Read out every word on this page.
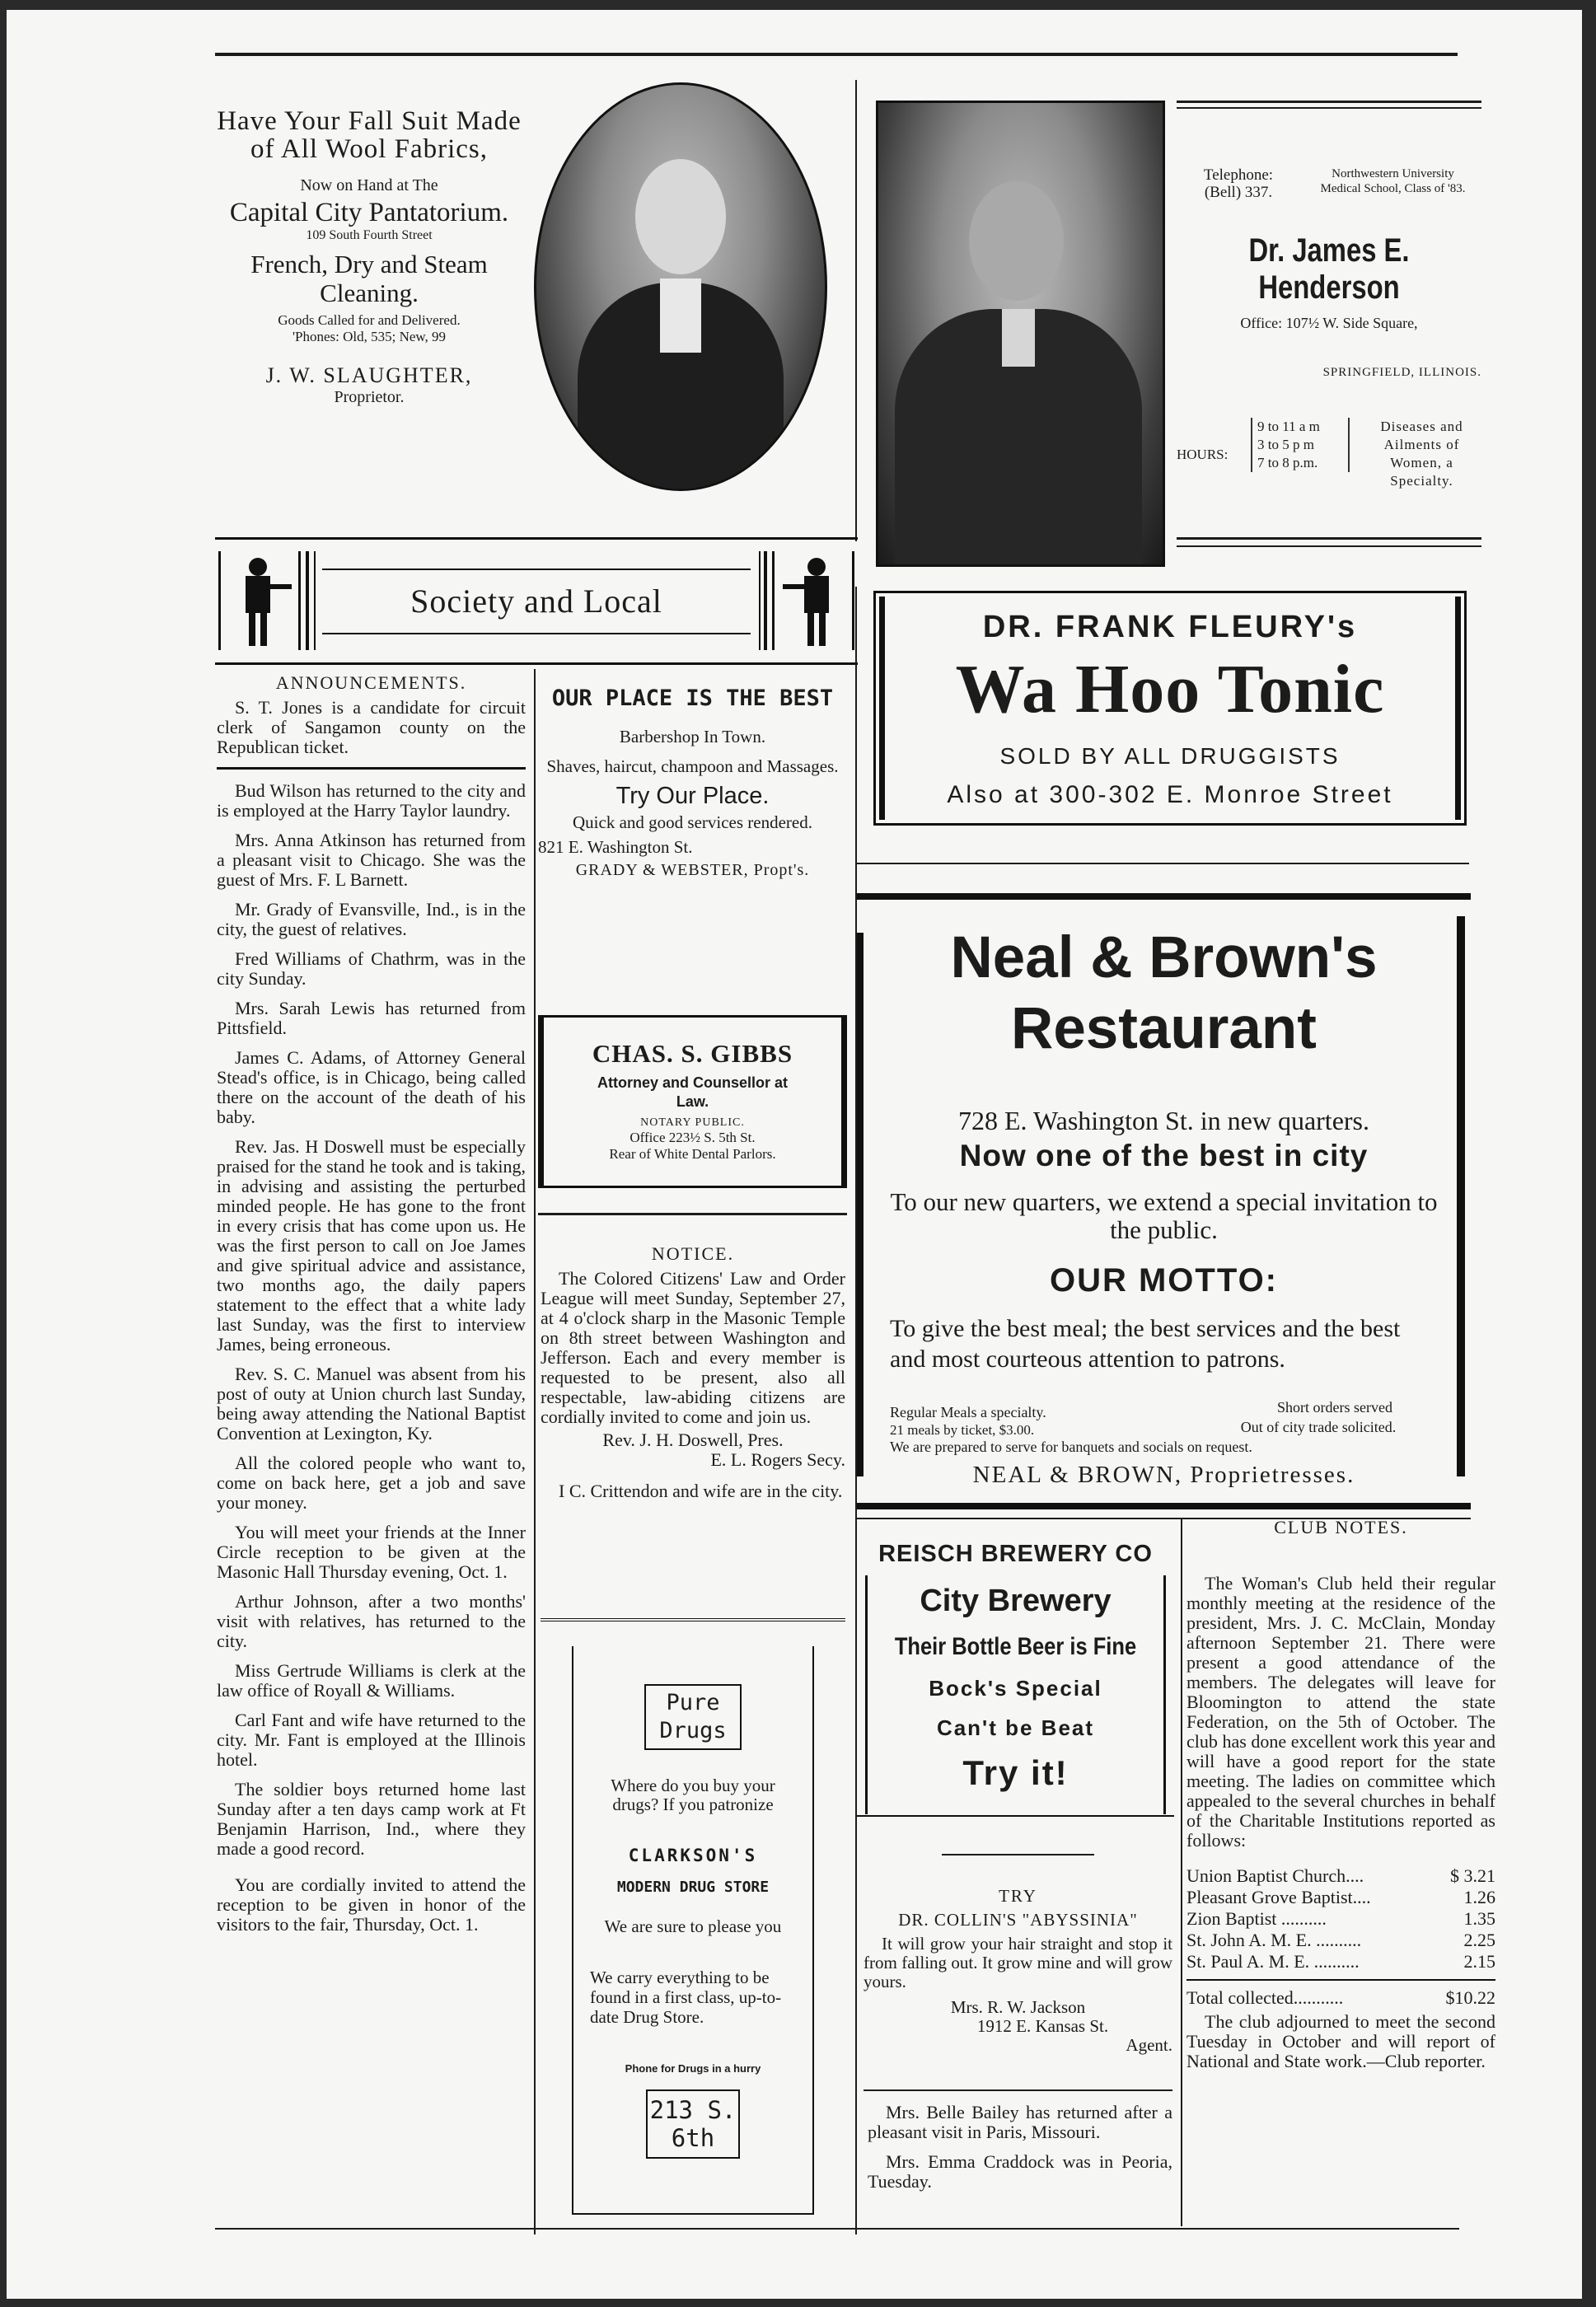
Have Your Fall Suit Made of All Wool Fabrics,
Now on Hand at The
Capital City Pantatorium.
109 South Fourth Street
French, Dry and Steam Cleaning.
Goods Called for and Delivered.
'Phones: Old, 535; New, 99
J. W. SLAUGHTER,
Proprietor.
Telephone:
(Bell) 337.
Northwestern University
Medical School, Class of '83.
Dr. James E. Henderson
Office: 107½ W. Side Square,
SPRINGFIELD, ILLINOIS.
HOURS:
9 to 11 a m
3 to 5 p m
7 to 8 p.m.
Diseases and
Ailments of
Women, a
Specialty.
Society and Local
ANNOUNCEMENTS.

S. T. Jones is a candidate for circuit clerk of Sangamon county on the Republican ticket.

Bud Wilson has returned to the city and is employed at the Harry Taylor laundry.

Mrs. Anna Atkinson has returned from a pleasant visit to Chicago. She was the guest of Mrs. F. L Barnett.

Mr. Grady of Evansville, Ind., is in the city, the guest of relatives.

Fred Williams of Chathrm, was in the city Sunday.

Mrs. Sarah Lewis has returned from Pittsfield.

James C. Adams, of Attorney General Stead's office, is in Chicago, being called there on the account of the death of his baby.

Rev. Jas. H Doswell must be especially praised for the stand he took and is taking, in advising and assisting the perturbed minded people. He has gone to the front in every crisis that has come upon us. He was the first person to call on Joe James and give spiritual advice and assistance, two months ago, the daily papers statement to the effect that a white lady last Sunday, was the first to interview James, being erroneous.

Rev. S. C. Manuel was absent from his post of outy at Union church last Sunday, being away attending the National Baptist Convention at Lexington, Ky.

All the colored people who want to, come on back here, get a job and save your money.

You will meet your friends at the Inner Circle reception to be given at the Masonic Hall Thursday evening, Oct. 1.

Arthur Johnson, after a two months' visit with relatives, has returned to the city.

Miss Gertrude Williams is clerk at the law office of Royall & Williams.

Carl Fant and wife have returned to the city. Mr. Fant is employed at the Illinois hotel.

The soldier boys returned home last Sunday after a ten days camp work at Ft Benjamin Harrison, Ind., where they made a good record.

You are cordially invited to attend the reception to be given in honor of the visitors to the fair, Thursday, Oct. 1.

OUR PLACE IS THE BEST
Barbershop In Town.
Shaves, haircut, champoon and Massages.
Try Our Place.
Quick and good services rendered.
821 E. Washington St.
GRADY & WEBSTER, Propt's.
CHAS. S. GIBBS
Attorney and Counsellor at Law.
NOTARY PUBLIC.
Office 223½ S. 5th St.
Rear of White Dental Parlors.
NOTICE.

The Colored Citizens' Law and Order League will meet Sunday, September 27, at 4 o'clock sharp in the Masonic Temple on 8th street between Washington and Jefferson. Each and every member is requested to be present, also all respectable, law-abiding citizens are cordially invited to come and join us.

Rev. J. H. Doswell, Pres.
E. L. Rogers Secy.

I C. Crittendon and wife are in the city.

Pure Drugs
Where do you buy your drugs? If you patronize
CLARKSON'S
MODERN DRUG STORE
We are sure to please you
We carry everything to be found in a first class, up-to-date Drug Store.
Phone for Drugs in a hurry
213 S. 6th
DR. FRANK FLEURY's
Wa Hoo Tonic
SOLD BY ALL DRUGGISTS
Also at 300-302 E. Monroe Street
Neal & Brown's Restaurant
728 E. Washington St. in new quarters.
Now one of the best in city
To our new quarters, we extend a special invitation to the public.
OUR MOTTO:
To give the best meal; the best services and the best and most courteous attention to patrons.
Regular Meals a specialty.
21 meals by ticket, $3.00.
Short orders served
Out of city trade solicited.
We are prepared to serve for banquets and socials on request.
NEAL & BROWN, Proprietresses.
REISCH BREWERY CO
City Brewery
Their Bottle Beer is Fine
Bock's Special
Can't be Beat
Try it!
TRY
DR. COLLIN'S "ABYSSINIA"
It will grow your hair straight and stop it from falling out. It grow mine and will grow yours.
Mrs. R. W. Jackson
1912 E. Kansas St.
Agent.

Mrs. Belle Bailey has returned after a pleasant visit in Paris, Missouri.

Mrs. Emma Craddock was in Peoria, Tuesday.

CLUB NOTES.

The Woman's Club held their regular monthly meeting at the residence of the president, Mrs. J. C. McClain, Monday afternoon September 21. There were present a good attendance of the members. The delegates will leave for Bloomington to attend the state Federation, on the 5th of October. The club has done excellent work this year and will have a good report for the state meeting. The ladies on committee which appealed to the several churches in behalf of the Charitable Institutions reported as follows:

Union Baptist Church....	$ 3.21
Pleasant Grove Baptist....	1.26
Zion Baptist ..........	1.35
St. John A. M. E. ..........	2.25
St. Paul A. M. E. ..........	2.15
Total collected...........	$10.22

The club adjourned to meet the second Tuesday in October and will report of National and State work.—Club reporter.
